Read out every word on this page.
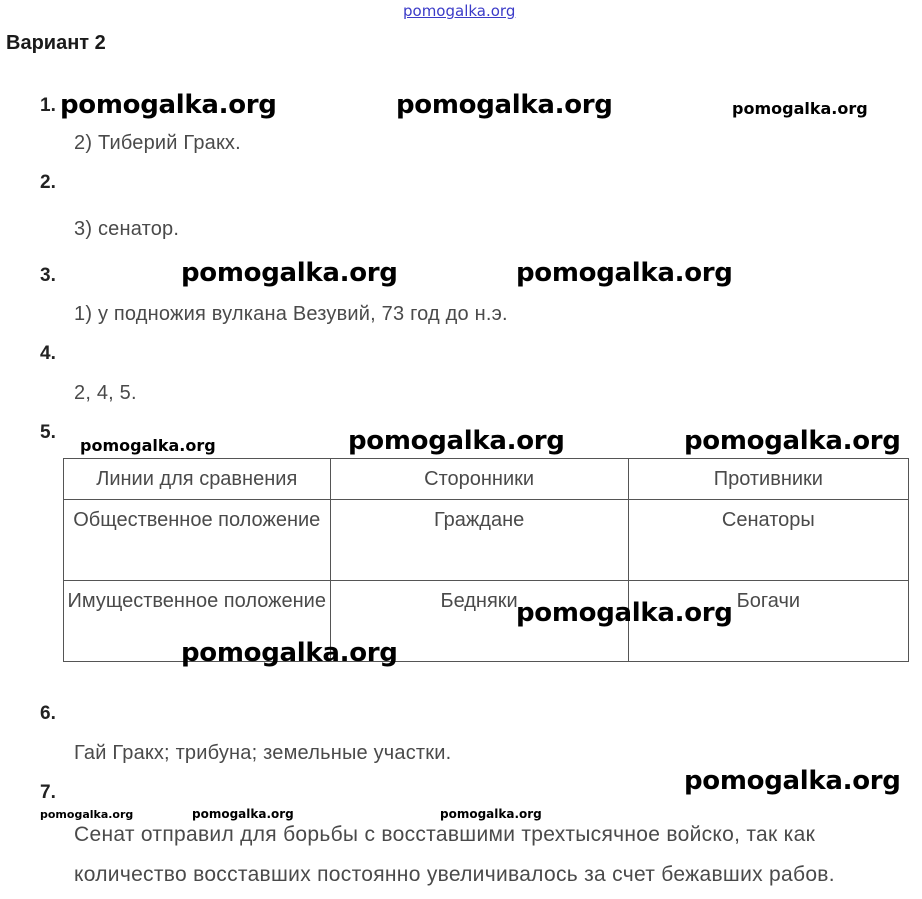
pomogalka.org
Вариант 2
1.
2) Тиберий Гракх.
2.
3) сенатор.
3.
1) у подножия вулкана Везувий, 73 год до н.э.
4.
2, 4, 5.
5.
Линии для сравнения	Сторонники	Противники
Общественное положение	Граждане	Сенаторы
Имущественное положение	Бедняки	Богачи
6.
Гай Гракх; трибуна; земельные участки.
7.
Сенат отправил для борьбы с восставшими трехтысячное войско, так как количество восставших постоянно увеличивалось за счет бежавших рабов.
pomogalka.org	pomogalka.org	pomogalka.org
pomogalka.org	pomogalka.org
pomogalka.org	pomogalka.org	pomogalka.org
pomogalka.org
pomogalka.org
pomogalka.org
pomogalka.org	pomogalka.org	pomogalka.org
